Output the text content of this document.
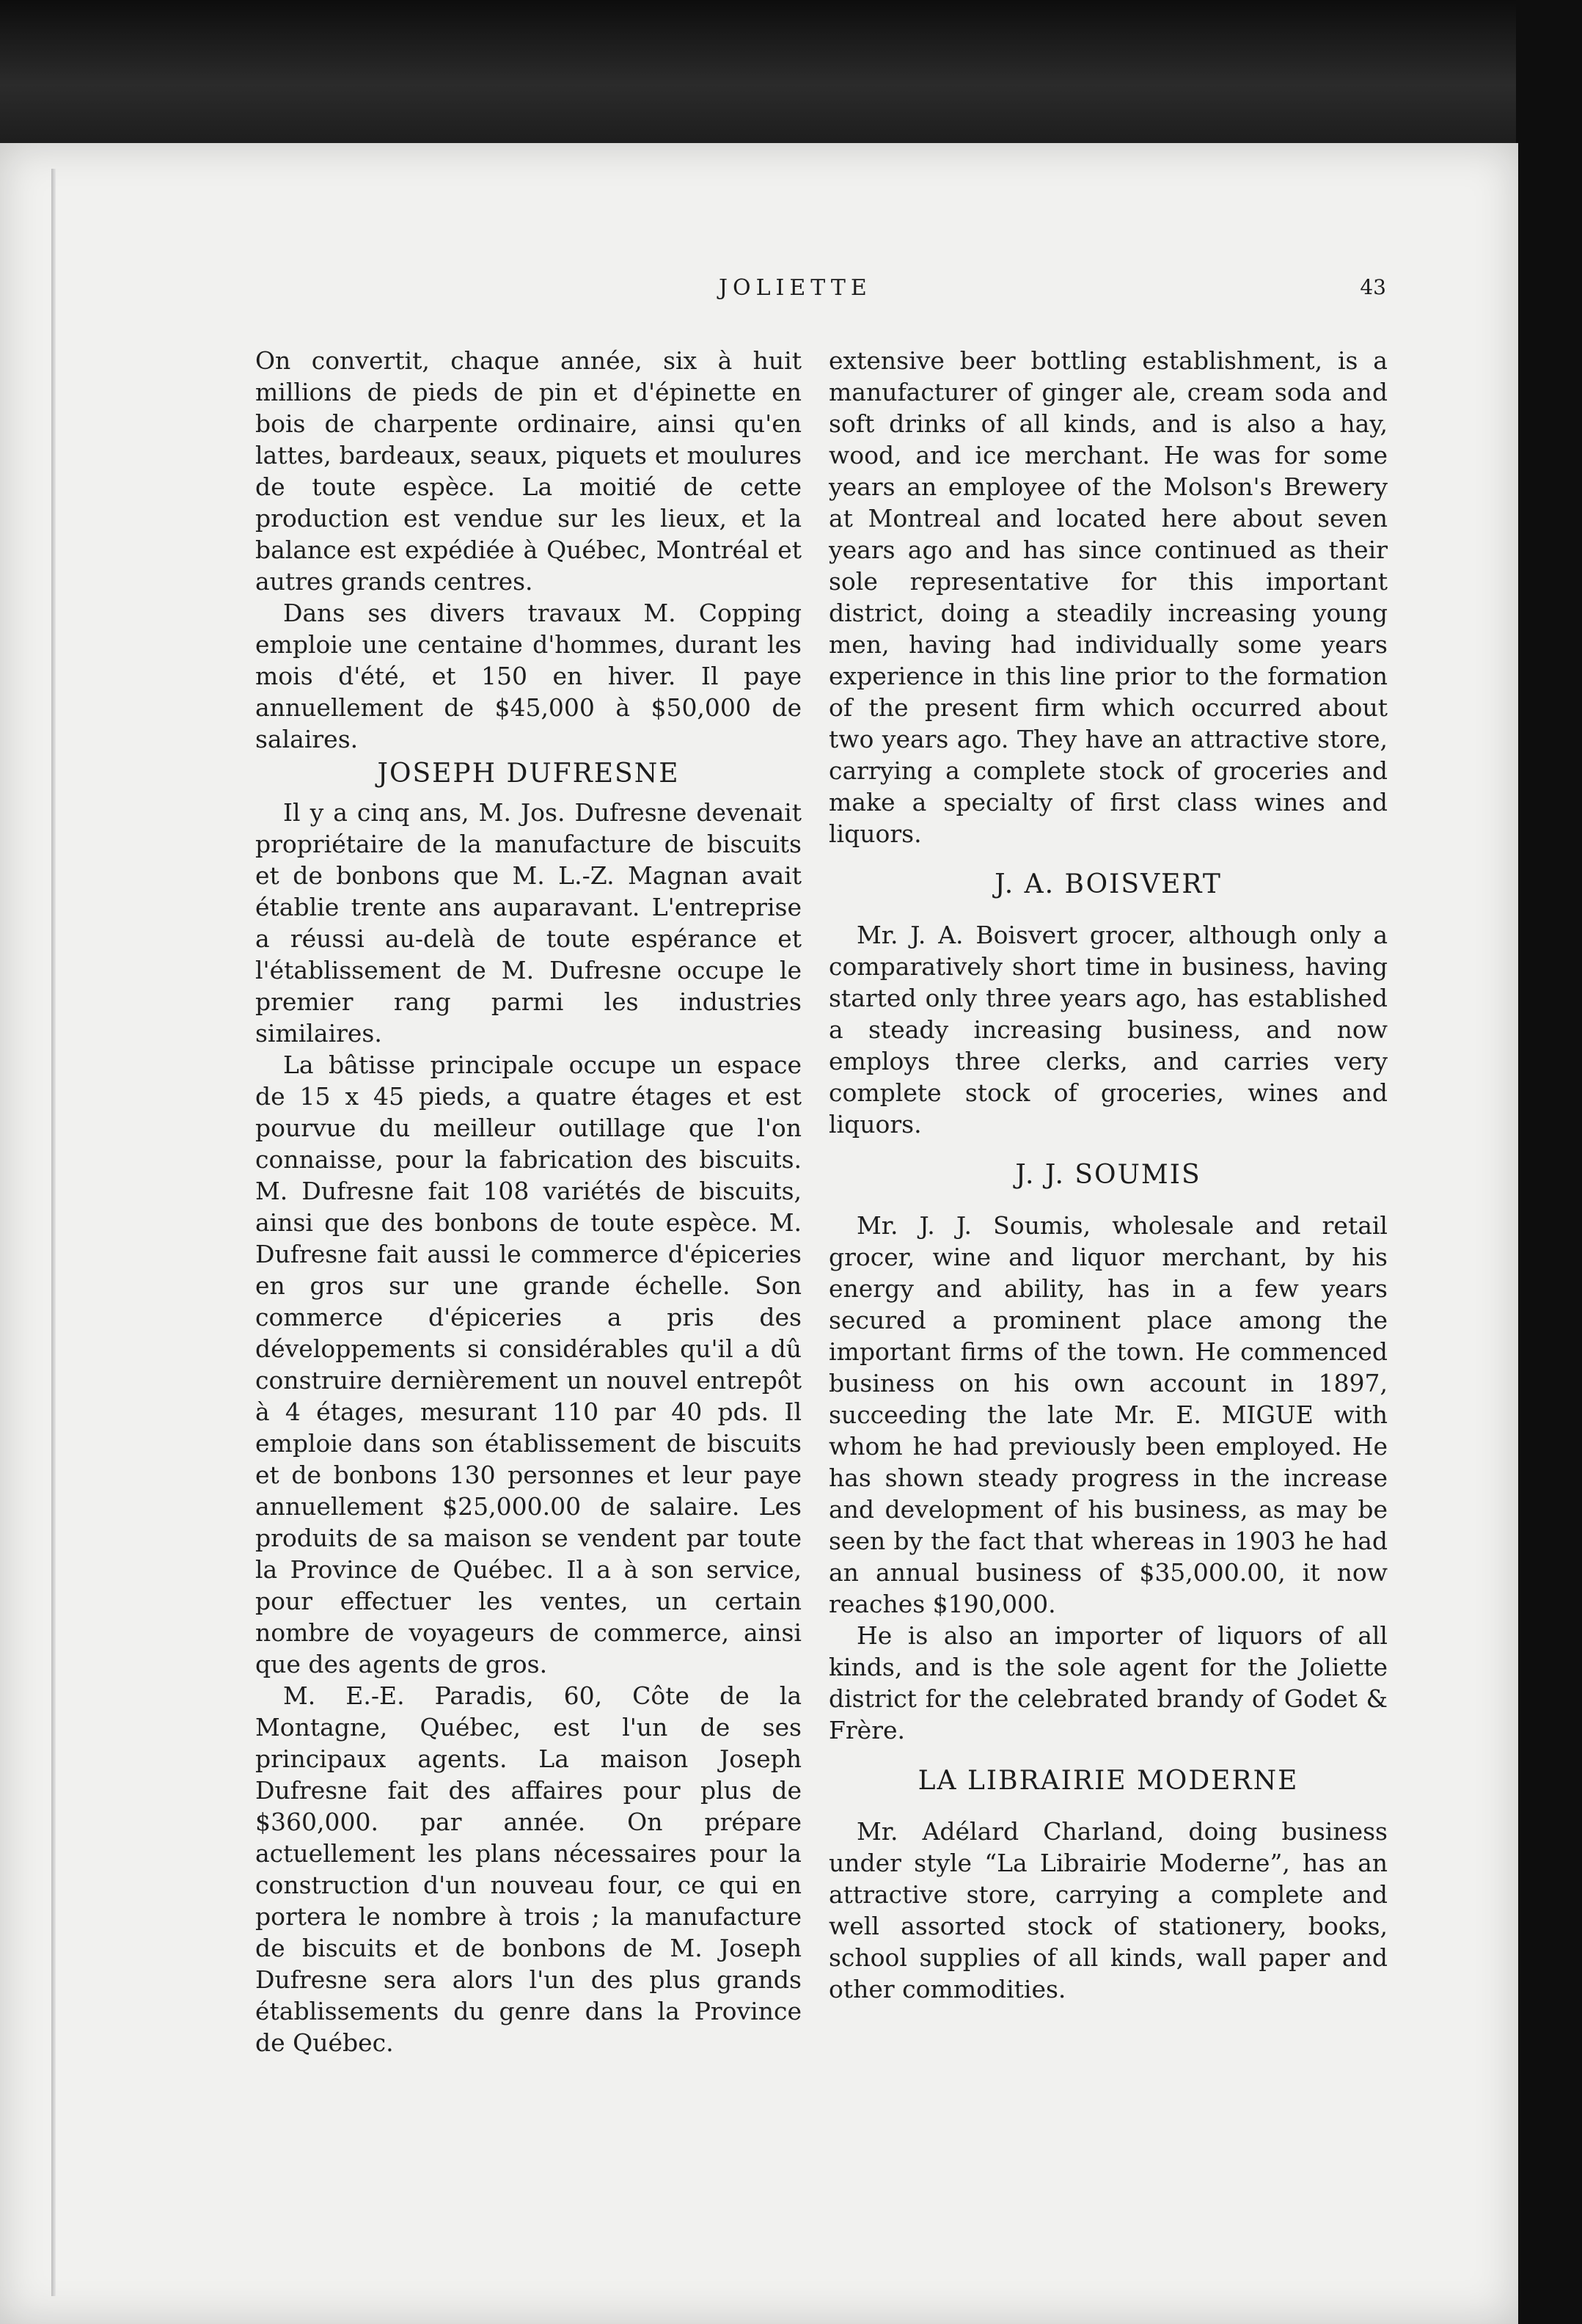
JOLIETTE	43

On convertit, chaque année, six à huit millions de pieds de pin et d'épinette en bois de charpente ordinaire, ainsi qu'en lattes, bardeaux, seaux, piquets et moulures de toute espèce. La moitié de cette production est vendue sur les lieux, et la balance est expédiée à Québec, Montréal et autres grands centres.

Dans ses divers travaux M. Copping emploie une centaine d'hommes, durant les mois d'été, et 150 en hiver. Il paye annuellement de $45,000 à $50,000 de salaires.

JOSEPH DUFRESNE

Il y a cinq ans, M. Jos. Dufresne devenait propriétaire de la manufacture de biscuits et de bonbons que M. L.-Z. Magnan avait établie trente ans auparavant. L'entreprise a réussi au-delà de toute espérance et l'établissement de M. Dufresne occupe le premier rang parmi les industries similaires.

La bâtisse principale occupe un espace de 15 x 45 pieds, a quatre étages et est pourvue du meilleur outillage que l'on connaisse, pour la fabrication des biscuits. M. Dufresne fait 108 variétés de biscuits, ainsi que des bonbons de toute espèce. M. Dufresne fait aussi le commerce d'épiceries en gros sur une grande échelle. Son commerce d'épiceries a pris des développements si considérables qu'il a dû construire dernièrement un nouvel entrepôt à 4 étages, mesurant 110 par 40 pds. Il emploie dans son établissement de biscuits et de bonbons 130 personnes et leur paye annuellement $25,000.00 de salaire. Les produits de sa maison se vendent par toute la Province de Québec. Il a à son service, pour effectuer les ventes, un certain nombre de voyageurs de commerce, ainsi que des agents de gros.

M. E.-E. Paradis, 60, Côte de la Montagne, Québec, est l'un de ses principaux agents. La maison Joseph Dufresne fait des affaires pour plus de $360,000. par année. On prépare actuellement les plans nécessaires pour la construction d'un nouveau four, ce qui en portera le nombre à trois ; la manufacture de biscuits et de bonbons de M. Joseph Dufresne sera alors l'un des plus grands établissements du genre dans la Province de Québec.

extensive beer bottling establishment, is a manufacturer of ginger ale, cream soda and soft drinks of all kinds, and is also a hay, wood, and ice merchant. He was for some years an employee of the Molson's Brewery at Montreal and located here about seven years ago and has since continued as their sole representative for this important district, doing a steadily increasing young men, having had individually some years experience in this line prior to the formation of the present firm which occurred about two years ago. They have an attractive store, carrying a complete stock of groceries and make a specialty of first class wines and liquors.

J. A. BOISVERT

Mr. J. A. Boisvert grocer, although only a comparatively short time in business, having started only three years ago, has established a steady increasing business, and now employs three clerks, and carries very complete stock of groceries, wines and liquors.

J. J. SOUMIS

Mr. J. J. Soumis, wholesale and retail grocer, wine and liquor merchant, by his energy and ability, has in a few years secured a prominent place among the important firms of the town. He commenced business on his own account in 1897, succeeding the late Mr. E. MIGUE with whom he had previously been employed. He has shown steady progress in the increase and development of his business, as may be seen by the fact that whereas in 1903 he had an annual business of $35,000.00, it now reaches $190,000.

He is also an importer of liquors of all kinds, and is the sole agent for the Joliette district for the celebrated brandy of Godet & Frère.

LA LIBRAIRIE MODERNE

Mr. Adélard Charland, doing business under style “La Librairie Moderne”, has an attractive store, carrying a complete and well assorted stock of stationery, books, school supplies of all kinds, wall paper and other commodities.
